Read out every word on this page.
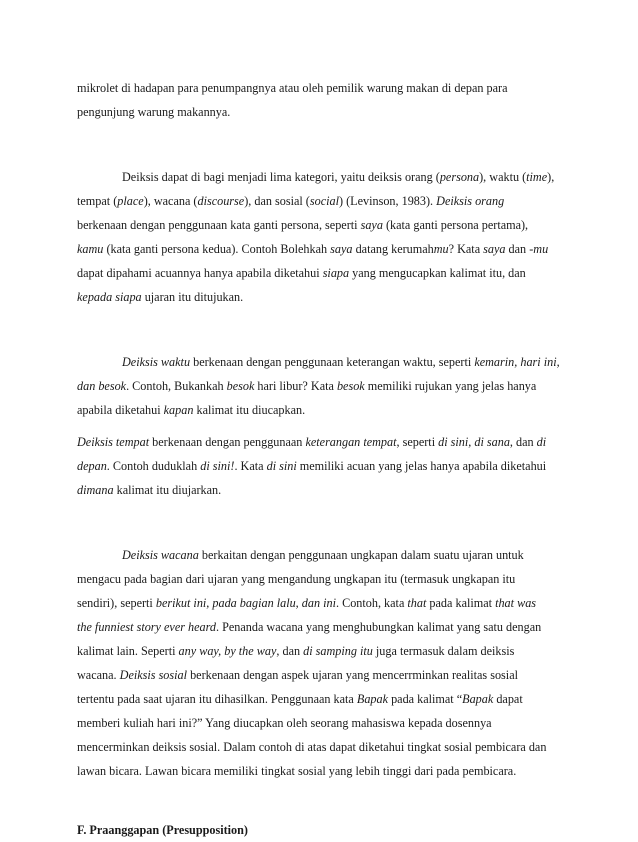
mikrolet di hadapan para penumpangnya atau oleh pemilik warung makan di depan para
pengunjung warung makannya.
Deiksis dapat di bagi menjadi lima kategori, yaitu deiksis orang (persona), waktu (time),
tempat (place), wacana (discourse), dan sosial (social) (Levinson, 1983). Deiksis orang
berkenaan dengan penggunaan kata ganti persona, seperti saya (kata ganti persona pertama),
kamu (kata ganti persona kedua). Contoh Bolehkah saya datang kerumahmu? Kata saya dan -mu
dapat dipahami acuannya hanya apabila diketahui siapa yang mengucapkan kalimat itu, dan
kepada siapa ujaran itu ditujukan.
Deiksis waktu berkenaan dengan penggunaan keterangan waktu, seperti kemarin, hari ini,
dan besok. Contoh, Bukankah besok hari libur? Kata besok memiliki rujukan yang jelas hanya
apabila diketahui kapan kalimat itu diucapkan.
Deiksis tempat berkenaan dengan penggunaan keterangan tempat, seperti di sini, di sana, dan di
depan. Contoh duduklah di sini!. Kata di sini memiliki acuan yang jelas hanya apabila diketahui
dimana kalimat itu diujarkan.
Deiksis wacana berkaitan dengan penggunaan ungkapan dalam suatu ujaran untuk
mengacu pada bagian dari ujaran yang mengandung ungkapan itu (termasuk ungkapan itu
sendiri), seperti berikut ini, pada bagian lalu, dan ini. Contoh, kata that pada kalimat that was
the funniest story ever heard. Penanda wacana yang menghubungkan kalimat yang satu dengan
kalimat lain. Seperti any way, by the way, dan di samping itu juga termasuk dalam deiksis
wacana. Deiksis sosial berkenaan dengan aspek ujaran yang mencerrminkan realitas sosial
tertentu pada saat ujaran itu dihasilkan. Penggunaan kata Bapak pada kalimat “Bapak dapat
memberi kuliah hari ini?” Yang diucapkan oleh seorang mahasiswa kepada dosennya
mencerminkan deiksis sosial. Dalam contoh di atas dapat diketahui tingkat sosial pembicara dan
lawan bicara. Lawan bicara memiliki tingkat sosial yang lebih tinggi dari pada pembicara.
F. Praanggapan (Presupposition)
